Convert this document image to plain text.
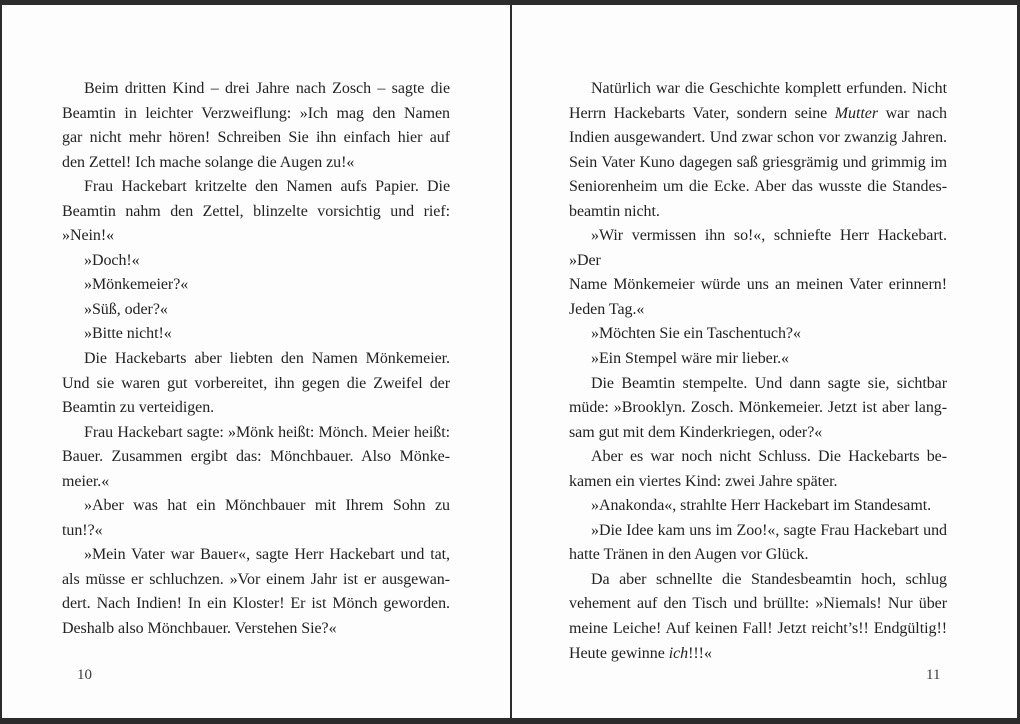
Beim dritten Kind – drei Jahre nach Zosch – sagte die
Beamtin in leichter Verzweiflung: »Ich mag den Namen
gar nicht mehr hören! Schreiben Sie ihn einfach hier auf
den Zettel! Ich mache solange die Augen zu!«
Frau Hackebart kritzelte den Namen aufs Papier. Die
Beamtin nahm den Zettel, blinzelte vorsichtig und rief:
»Nein!«
»Doch!«
»Mönkemeier?«
»Süß, oder?«
»Bitte nicht!«
Die Hackebarts aber liebten den Namen Mönkemeier.
Und sie waren gut vorbereitet, ihn gegen die Zweifel der
Beamtin zu verteidigen.
Frau Hackebart sagte: »Mönk heißt: Mönch. Meier heißt:
Bauer. Zusammen ergibt das: Mönchbauer. Also Mönke-
meier.«
»Aber was hat ein Mönchbauer mit Ihrem Sohn zu
tun!?«
»Mein Vater war Bauer«, sagte Herr Hackebart und tat,
als müsse er schluchzen. »Vor einem Jahr ist er ausgewan-
dert. Nach Indien! In ein Kloster! Er ist Mönch geworden.
Deshalb also Mönchbauer. Verstehen Sie?«
Natürlich war die Geschichte komplett erfunden. Nicht
Herrn Hackebarts Vater, sondern seine Mutter war nach
Indien ausgewandert. Und zwar schon vor zwanzig Jahren.
Sein Vater Kuno dagegen saß griesgrämig und grimmig im
Seniorenheim um die Ecke. Aber das wusste die Standes-
beamtin nicht.
»Wir vermissen ihn so!«, schniefte Herr Hackebart. »Der
Name Mönkemeier würde uns an meinen Vater erinnern!
Jeden Tag.«
»Möchten Sie ein Taschentuch?«
»Ein Stempel wäre mir lieber.«
Die Beamtin stempelte. Und dann sagte sie, sichtbar
müde: »Brooklyn. Zosch. Mönkemeier. Jetzt ist aber lang-
sam gut mit dem Kinderkriegen, oder?«
Aber es war noch nicht Schluss. Die Hackebarts be-
kamen ein viertes Kind: zwei Jahre später.
»Anakonda«, strahlte Herr Hackebart im Standesamt.
»Die Idee kam uns im Zoo!«, sagte Frau Hackebart und
hatte Tränen in den Augen vor Glück.
Da aber schnellte die Standesbeamtin hoch, schlug
vehement auf den Tisch und brüllte: »Niemals! Nur über
meine Leiche! Auf keinen Fall! Jetzt reicht’s!! Endgültig!!
Heute gewinne ich!!!«
10	11
